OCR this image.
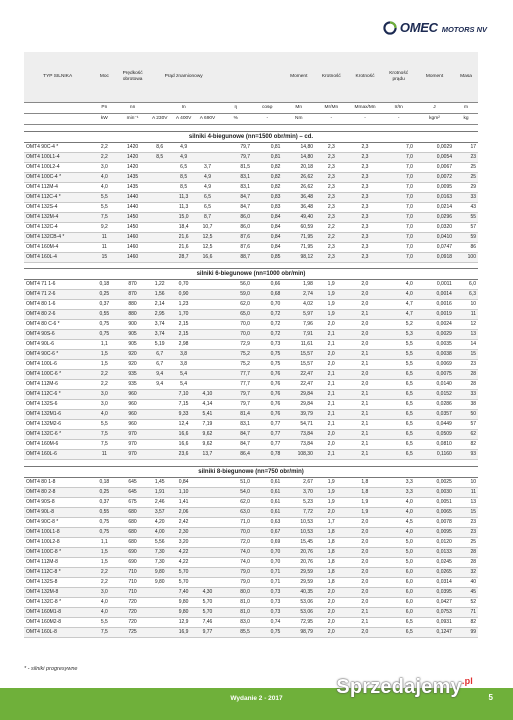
OMEC MOTORS NV
TYP SILNIKA	Moc	Prędkość obrotowa	Prąd znamionowy					Moment	Krotność	Krotność	Krotność prądu	Moment	Masa
	Pn	nn	In			η	cosφ	Mn	Mr/Mn	Mmax/Mn	Ir/In	J	m
	kW	min⁻¹	A 230V	A 400V	A 690V	%	-	Nm	-	-	-	kgm²	kg
silniki 4-biegunowe (nn=1500 obr/min) – cd.													
OMT4 90C-4 *	2,2	1420	8,6	4,9		79,7	0,81	14,80	2,3	2,3	7,0	0,0029	17
OMT4 100L1-4	2,2	1420	8,5	4,9		79,7	0,81	14,80	2,3	2,3	7,0	0,0054	23
OMT4 100L2-4	3,0	1420		6,5	3,7	81,5	0,82	20,18	2,3	2,3	7,0	0,0067	25
OMT4 100C-4 *	4,0	1435		8,5	4,9	83,1	0,82	26,62	2,3	2,3	7,0	0,0072	25
OMT4 112M-4	4,0	1435		8,5	4,9	83,1	0,82	26,62	2,3	2,3	7,0	0,0095	29
OMT4 112C-4 *	5,5	1440		11,3	6,5	84,7	0,83	36,48	2,3	2,3	7,0	0,0163	33
OMT4 132S-4	5,5	1440		11,3	6,5	84,7	0,83	36,48	2,3	2,3	7,0	0,0214	43
OMT4 132M-4	7,5	1450		15,0	8,7	86,0	0,84	49,40	2,3	2,3	7,0	0,0296	55
OMT4 132C-4	9,2	1450		18,4	10,7	86,0	0,84	60,59	2,2	2,3	7,0	0,0320	57
OMT4 132CB-4 *	11	1460		21,6	12,5	87,6	0,84	71,95	2,2	2,3	7,0	0,0410	59
OMT4 160M-4	11	1460		21,6	12,5	87,6	0,84	71,95	2,3	2,3	7,0	0,0747	86
OMT4 160L-4	15	1460		28,7	16,6	88,7	0,85	98,12	2,3	2,3	7,0	0,0918	100
silniki 6-biegunowe (nn=1000 obr/min)													
OMT4 71 1-6	0,18	870	1,22	0,70		56,0	0,66	1,98	1,9	2,0	4,0	0,0011	6,0
OMT4 71 2-6	0,25	870	1,56	0,90		59,0	0,68	2,74	1,9	2,0	4,0	0,0014	6,3
OMT4 80 1-6	0,37	880	2,14	1,23		62,0	0,70	4,02	1,9	2,0	4,7	0,0016	10
OMT4 80 2-6	0,55	880	2,95	1,70		65,0	0,72	5,97	1,9	2,1	4,7	0,0019	11
OMT4 80 C-6 *	0,75	900	3,74	2,15		70,0	0,72	7,96	2,0	2,0	5,2	0,0024	12
OMT4 90S-6	0,75	905	3,74	2,15		70,0	0,72	7,91	2,1	2,0	5,3	0,0029	13
OMT4 90L-6	1,1	905	5,19	2,98		72,9	0,73	11,61	2,1	2,0	5,5	0,0035	14
OMT4 90C-6 *	1,5	920	6,7	3,8		75,2	0,75	15,57	2,0	2,1	5,5	0,0038	15
OMT4 100L-6	1,5	920	6,7	3,8		75,2	0,75	15,57	2,0	2,1	5,5	0,0069	23
OMT4 100C-6 *	2,2	935	9,4	5,4		77,7	0,76	22,47	2,1	2,0	6,5	0,0075	28
OMT4 112M-6	2,2	935	9,4	5,4		77,7	0,76	22,47	2,1	2,0	6,5	0,0140	28
OMT4 112C-6 *	3,0	960		7,10	4,10	79,7	0,76	29,84	2,1	2,1	6,5	0,0152	33
OMT4 132S-6	3,0	960		7,15	4,14	79,7	0,76	29,84	2,1	2,1	6,5	0,0286	38
OMT4 132M1-6	4,0	960		9,33	5,41	81,4	0,76	39,79	2,1	2,1	6,5	0,0357	50
OMT4 132M2-6	5,5	960		12,4	7,19	83,1	0,77	54,71	2,1	2,1	6,5	0,0449	57
OMT4 132C-6 *	7,5	970		16,6	9,62	84,7	0,77	73,84	2,0	2,1	6,5	0,0509	62
OMT4 160M-6	7,5	970		16,6	9,62	84,7	0,77	73,84	2,0	2,1	6,5	0,0810	82
OMT4 160L-6	11	970		23,6	13,7	86,4	0,78	108,30	2,1	2,1	6,5	0,1160	93
silniki 8-biegunowe (nn=750 obr/min)													
OMT4 80 1-8	0,18	645	1,45	0,84		51,0	0,61	2,67	1,9	1,8	3,3	0,0025	10
OMT4 80 2-8	0,25	645	1,91	1,10		54,0	0,61	3,70	1,9	1,8	3,3	0,0030	11
OMT4 90S-8	0,37	675	2,46	1,41		62,0	0,61	5,23	1,9	1,9	4,0	0,0051	13
OMT4 90L-8	0,55	680	3,57	2,06		63,0	0,61	7,72	2,0	1,9	4,0	0,0065	15
OMT4 90C-8 *	0,75	680	4,20	2,42		71,0	0,63	10,53	1,7	2,0	4,5	0,0078	23
OMT4 100L1-8	0,75	680	4,00	2,30		70,0	0,67	10,53	1,8	2,0	4,0	0,0095	23
OMT4 100L2-8	1,1	680	5,56	3,20		72,0	0,69	15,45	1,8	2,0	5,0	0,0120	25
OMT4 100C-8 *	1,5	690	7,30	4,22		74,0	0,70	20,76	1,8	2,0	5,0	0,0133	28
OMT4 112M-8	1,5	690	7,30	4,22		74,0	0,70	20,76	1,8	2,0	5,0	0,0245	28
OMT4 112C-8 *	2,2	710	9,80	5,70		79,0	0,71	29,59	1,8	2,0	6,0	0,0265	32
OMT4 132S-8	2,2	710	9,80	5,70		79,0	0,71	29,59	1,8	2,0	6,0	0,0314	40
OMT4 132M-8	3,0	710		7,40	4,30	80,0	0,73	40,35	2,0	2,0	6,0	0,0395	45
OMT4 132C-8 *	4,0	720		9,80	5,70	81,0	0,73	53,06	2,0	2,0	6,0	0,0427	52
OMT4 160M1-8	4,0	720		9,80	5,70	81,0	0,73	53,06	2,0	2,1	6,0	0,0753	71
OMT4 160M2-8	5,5	720		12,9	7,46	83,0	0,74	72,95	2,0	2,1	6,5	0,0931	82
OMT4 160L-8	7,5	725		16,9	9,77	85,5	0,75	98,79	2,0	2,0	6,5	0,1247	99
* - silniki progresywne
Wydanie 2 - 2017
Sprzedajemy$^{.pl}$
5
